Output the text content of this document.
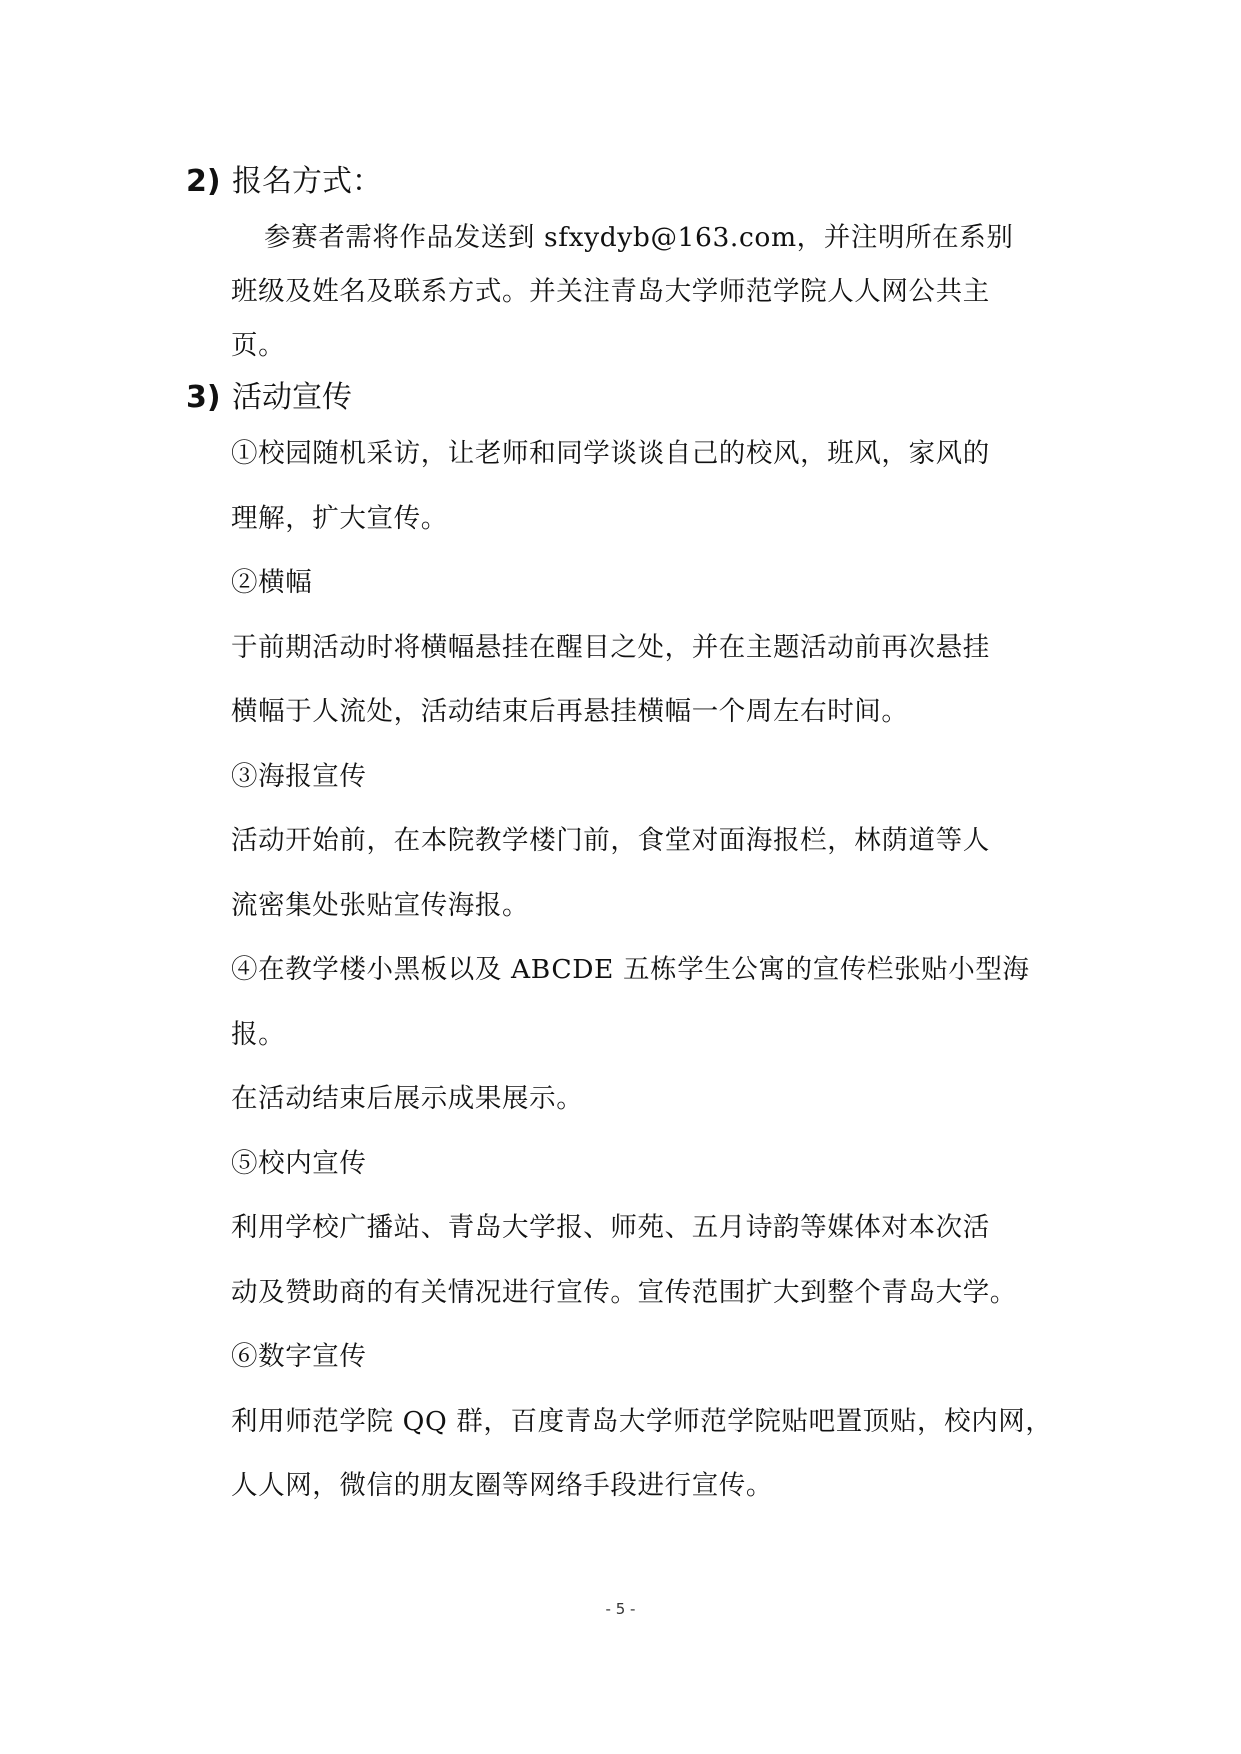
2) 报名方式：

参赛者需将作品发送到 sfxydyb@163.com，并注明所在系别

班级及姓名及联系方式。并关注青岛大学师范学院人人网公共主

页。

3) 活动宣传

①校园随机采访，让老师和同学谈谈自己的校风，班风，家风的

理解，扩大宣传。

②横幅

于前期活动时将横幅悬挂在醒目之处，并在主题活动前再次悬挂

横幅于人流处，活动结束后再悬挂横幅一个周左右时间。

③海报宣传

活动开始前，在本院教学楼门前，食堂对面海报栏，林荫道等人

流密集处张贴宣传海报。

④在教学楼小黑板以及 ABCDE 五栋学生公寓的宣传栏张贴小型海

报。

在活动结束后展示成果展示。

⑤校内宣传

利用学校广播站、青岛大学报、师苑、五月诗韵等媒体对本次活

动及赞助商的有关情况进行宣传。宣传范围扩大到整个青岛大学。

⑥数字宣传

利用师范学院 QQ 群，百度青岛大学师范学院贴吧置顶贴，校内网，

人人网，微信的朋友圈等网络手段进行宣传。

- 5 -
